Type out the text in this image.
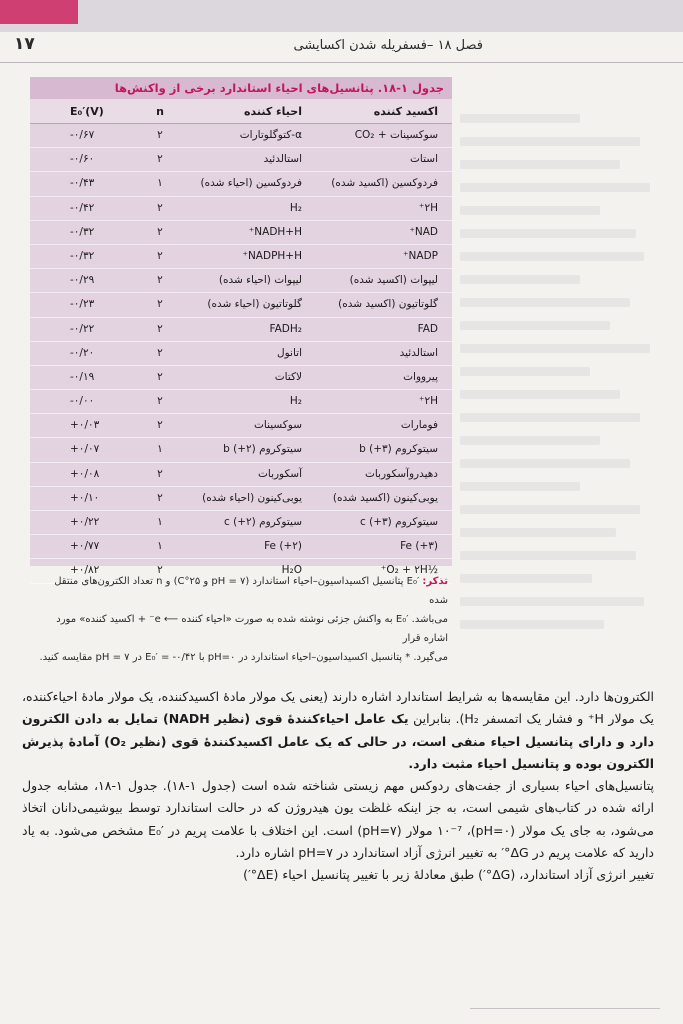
۱۷	فصل ۱۸ –فسفریله شدن اکسایشی
جدول ۱-۱۸. پتانسیل‌های احیاء استاندارد برخی از واکنش‌ها
اکسید کننده
احیاء کننده
n
E₀′(V)
سوکسینات + CO₂
α-کتوگلوتارات
۲
-۰/۶۷
استات
استالدئید
۲
-۰/۶۰
فردوکسین (اکسید شده)
فردوکسین (احیاء شده)
۱
-۰/۴۳
۲H⁺
H₂
۲
-۰/۴۲
NAD⁺
NADH+H⁺
۲
-۰/۳۲
NADP⁺
NADPH+H⁺
۲
-۰/۳۲
لیپوات (اکسید شده)
لیپوات (احیاء شده)
۲
-۰/۲۹
گلوتاتیون (اکسید شده)
گلوتاتیون (احیاء شده)
۲
-۰/۲۳
FAD
FADH₂
۲
-۰/۲۲
استالدئید
اتانول
۲
-۰/۲۰
پیرووات
لاکتات
۲
-۰/۱۹
۲H⁺
H₂
۲
-۰/۰۰
فومارات
سوکسینات
۲
+۰/۰۳
سیتوکروم b (+۳)
سیتوکروم b (+۲)
۱
+۰/۰۷
دهیدروآسکوربات
آسکوربات
۲
+۰/۰۸
یوبی‌کینون (اکسید شده)
یوبی‌کینون (احیاء شده)
۲
+۰/۱۰
سیتوکروم c (+۳)
سیتوکروم c (+۲)
۱
+۰/۲۲
Fe (+۳)
Fe (+۲)
۱
+۰/۷۷
½O₂ + ۲H⁺
H₂O
۲
+۰/۸۲
تذکر: E₀′ پتانسیل اکسیداسیون–احیاء استاندارد (pH = ۷ و ۲۵°C) و n تعداد الکترون‌های منتقل شده
می‌باشد. E₀′ به واکنش جزئی نوشته شده به صورت «احیاء کننده ⟵ e⁻ + اکسید کننده» مورد اشاره قرار
می‌گیرد. * پتانسیل اکسیداسیون–احیاء استاندارد در pH=۰ با E₀′ = -۰/۴۲ در pH = ۷ مقایسه کنید.

الکترون‌ها دارد. این مقایسه‌ها به شرایط استاندارد اشاره دارند (یعنی یک مولار مادۀ اکسیدکننده، یک مولار مادۀ احیاءکننده، یک مولار H⁺ و فشار یک اتمسفر H₂). بنابراین یک عامل احیاءکنندۀ قوی (نظیر NADH) تمایل به دادن الکترون دارد و دارای پتانسیل احیاء منفی است، در حالی که یک عامل اکسیدکنندۀ قوی (نظیر O₂) آمادۀ پذیرش الکترون بوده و پتانسیل احیاء مثبت دارد.

پتانسیل‌های احیاء بسیاری از جفت‌های ردوکس مهم زیستی شناخته شده است (جدول ۱-۱۸). جدول ۱-۱۸، مشابه جدول ارائه شده در کتاب‌های شیمی است، به جز اینکه غلظت یون هیدروژن که در حالت استاندارد توسط بیوشیمی‌دانان اتخاذ می‌شود، به جای یک مولار (pH=۰)، ۱۰⁻⁷ مولار (pH=۷) است. این اختلاف با علامت پریم در E₀′ مشخص می‌شود. به یاد دارید که علامت پریم در ΔG°′ به تغییر انرژی آزاد استاندارد در pH=۷ اشاره دارد.

تغییر انرژی آزاد استاندارد، (ΔG°′) طبق معادلۀ زیر با تغییر پتانسیل احیاء (ΔE°′)
